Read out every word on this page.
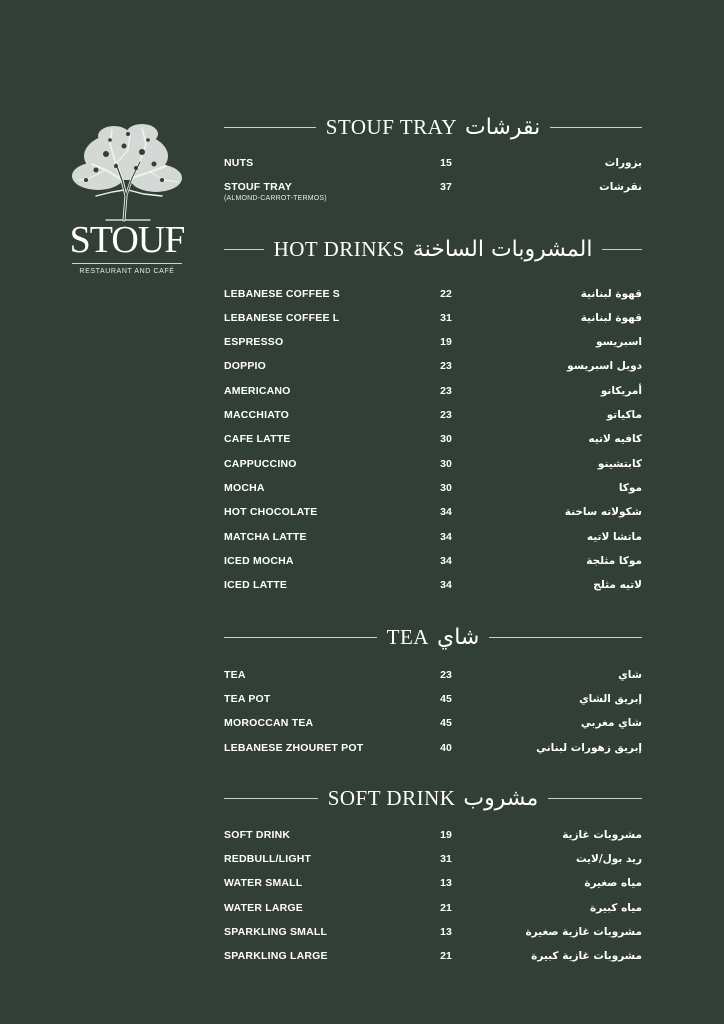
STOUF
RESTAURANT AND CAFÉ
STOUF TRAY نقرشات
NUTS	15	بزورات
STOUF TRAY
(ALMOND-CARROT-TERMOS)
37	نقرشات
HOT DRINKS المشروبات الساخنة
LEBANESE COFFEE S	22	قهوة لبنانية
LEBANESE COFFEE L	31	قهوة لبنانية
ESPRESSO	19	اسبريسو
DOPPIO	23	دوبل اسبريسو
AMERICANO	23	أمريكانو
MACCHIATO	23	ماكياتو
CAFE LATTE	30	كافيه لاتيه
CAPPUCCINO	30	كابتشينو
MOCHA	30	موكا
HOT CHOCOLATE	34	شكولاته ساخنة
MATCHA LATTE	34	ماتشا لاتيه
ICED MOCHA	34	موكا مثلجة
ICED LATTE	34	لاتيه مثلج
TEA شاي
TEA	23	شاي
TEA POT	45	إبريق الشاي
MOROCCAN TEA	45	شاي مغربي
LEBANESE ZHOURET POT	40	إبريق زهورات لبناني
SOFT DRINK مشروب
SOFT DRINK	19	مشروبات غازية
REDBULL/LIGHT	31	ريد بول/لايت
WATER SMALL	13	مياه صغيرة
WATER LARGE	21	مياه كبيرة
SPARKLING SMALL	13	مشروبات غازية صغيرة
SPARKLING LARGE	21	مشروبات غازية كبيرة
